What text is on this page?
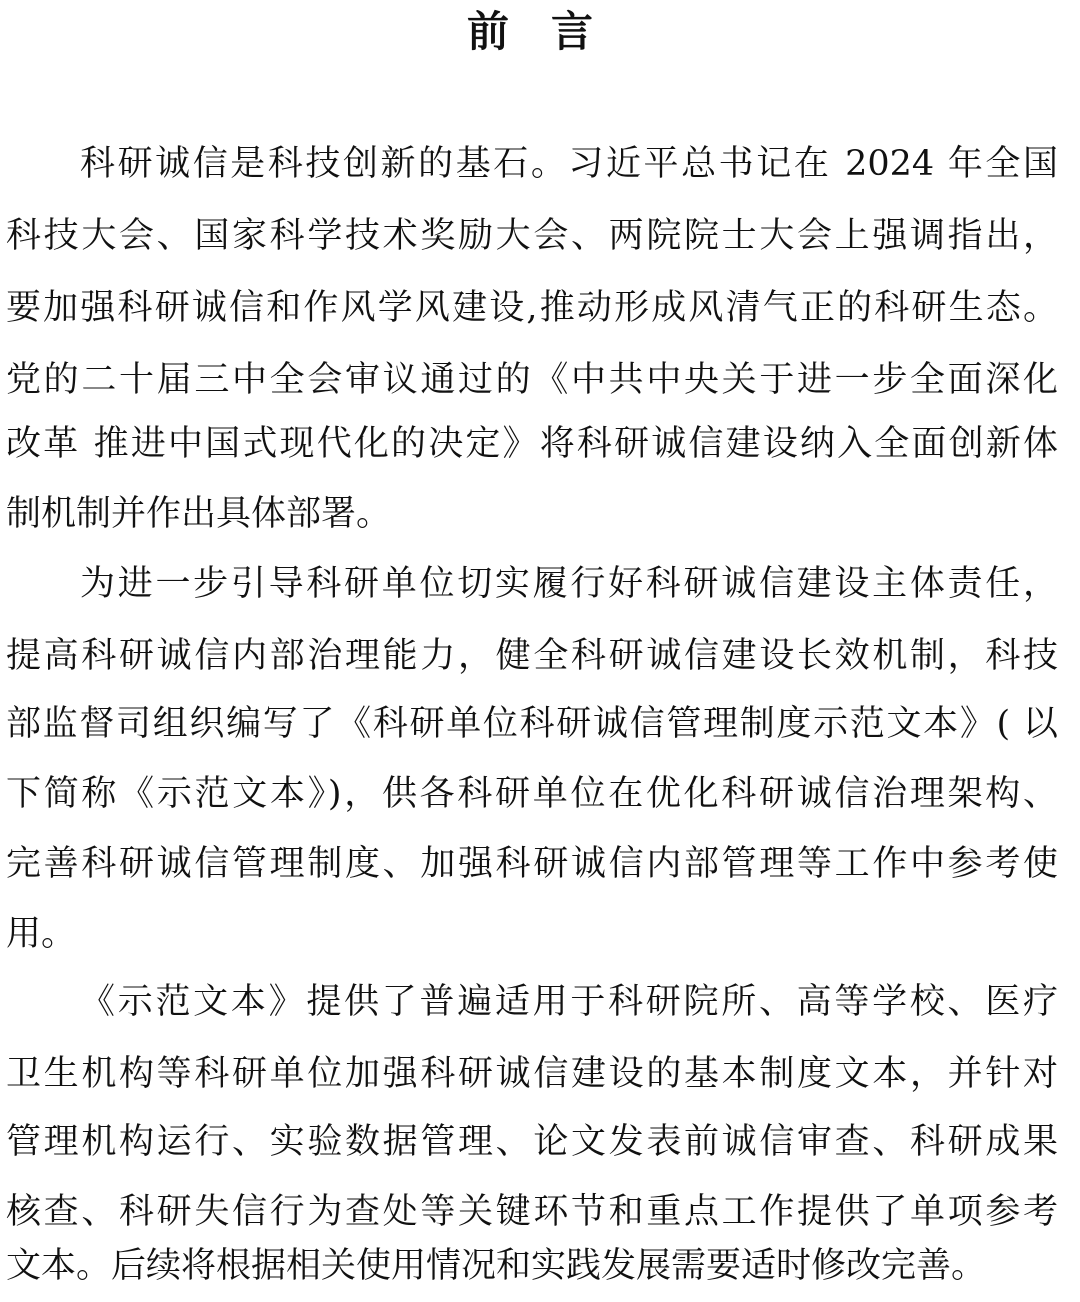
前　言
科研诚信是科技创新的基石。习近平总书记在 2024 年全国
科技大会、国家科学技术奖励大会、两院院士大会上强调指出，
要加强科研诚信和作风学风建设,推动形成风清气正的科研生态。
党的二十届三中全会审议通过的《中共中央关于进一步全面深化
改革 推进中国式现代化的决定》将科研诚信建设纳入全面创新体
制机制并作出具体部署。
为进一步引导科研单位切实履行好科研诚信建设主体责任，
提高科研诚信内部治理能力，健全科研诚信建设长效机制，科技
部监督司组织编写了《科研单位科研诚信管理制度示范文本》( 以
下简称《示范文本》)，供各科研单位在优化科研诚信治理架构、
完善科研诚信管理制度、加强科研诚信内部管理等工作中参考使
用。
《示范文本》提供了普遍适用于科研院所、高等学校、医疗
卫生机构等科研单位加强科研诚信建设的基本制度文本，并针对
管理机构运行、实验数据管理、论文发表前诚信审查、科研成果
核查、科研失信行为查处等关键环节和重点工作提供了单项参考
文本。后续将根据相关使用情况和实践发展需要适时修改完善。
